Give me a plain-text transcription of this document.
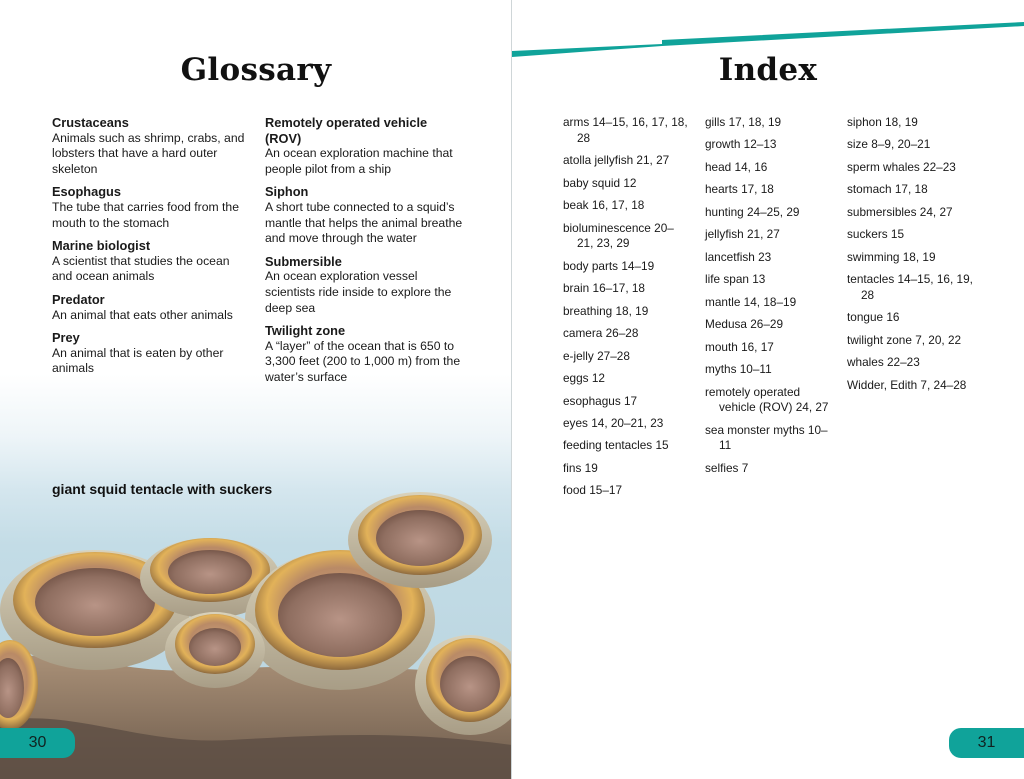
Glossary
Crustaceans
Animals such as shrimp, crabs, and lobsters that have a hard outer skeleton
Esophagus
The tube that carries food from the mouth to the stomach
Marine biologist
A scientist that studies the ocean and ocean animals
Predator
An animal that eats other animals
Prey
An animal that is eaten by other animals
Remotely operated vehicle (ROV)
An ocean exploration machine that people pilot from a ship
Siphon
A short tube connected to a squid’s mantle that helps the animal breathe and move through the water
Submersible
An ocean exploration vessel scientists ride inside to explore the deep sea
Twilight zone
A “layer” of the ocean that is 650 to 3,300 feet (200 to 1,000 m) from the water’s surface
giant squid tentacle with suckers
30
Index
31
arms 14–15, 16, 17, 18, 28
atolla jellyfish 21, 27
baby squid 12
beak 16, 17, 18
bioluminescence 20–21, 23, 29
body parts 14–19
brain 16–17, 18
breathing 18, 19
camera 26–28
e-jelly 27–28
eggs 12
esophagus 17
eyes 14, 20–21, 23
feeding tentacles 15
fins 19
food 15–17
gills 17, 18, 19
growth 12–13
head 14, 16
hearts 17, 18
hunting 24–25, 29
jellyfish 21, 27
lancetfish 23
life span 13
mantle 14, 18–19
Medusa 26–29
mouth 16, 17
myths 10–11
remotely operated vehicle (ROV) 24, 27
sea monster myths 10–11
selfies 7
siphon 18, 19
size 8–9, 20–21
sperm whales 22–23
stomach 17, 18
submersibles 24, 27
suckers 15
swimming 18, 19
tentacles 14–15, 16, 19, 28
tongue 16
twilight zone 7, 20, 22
whales 22–23
Widder, Edith 7, 24–28
